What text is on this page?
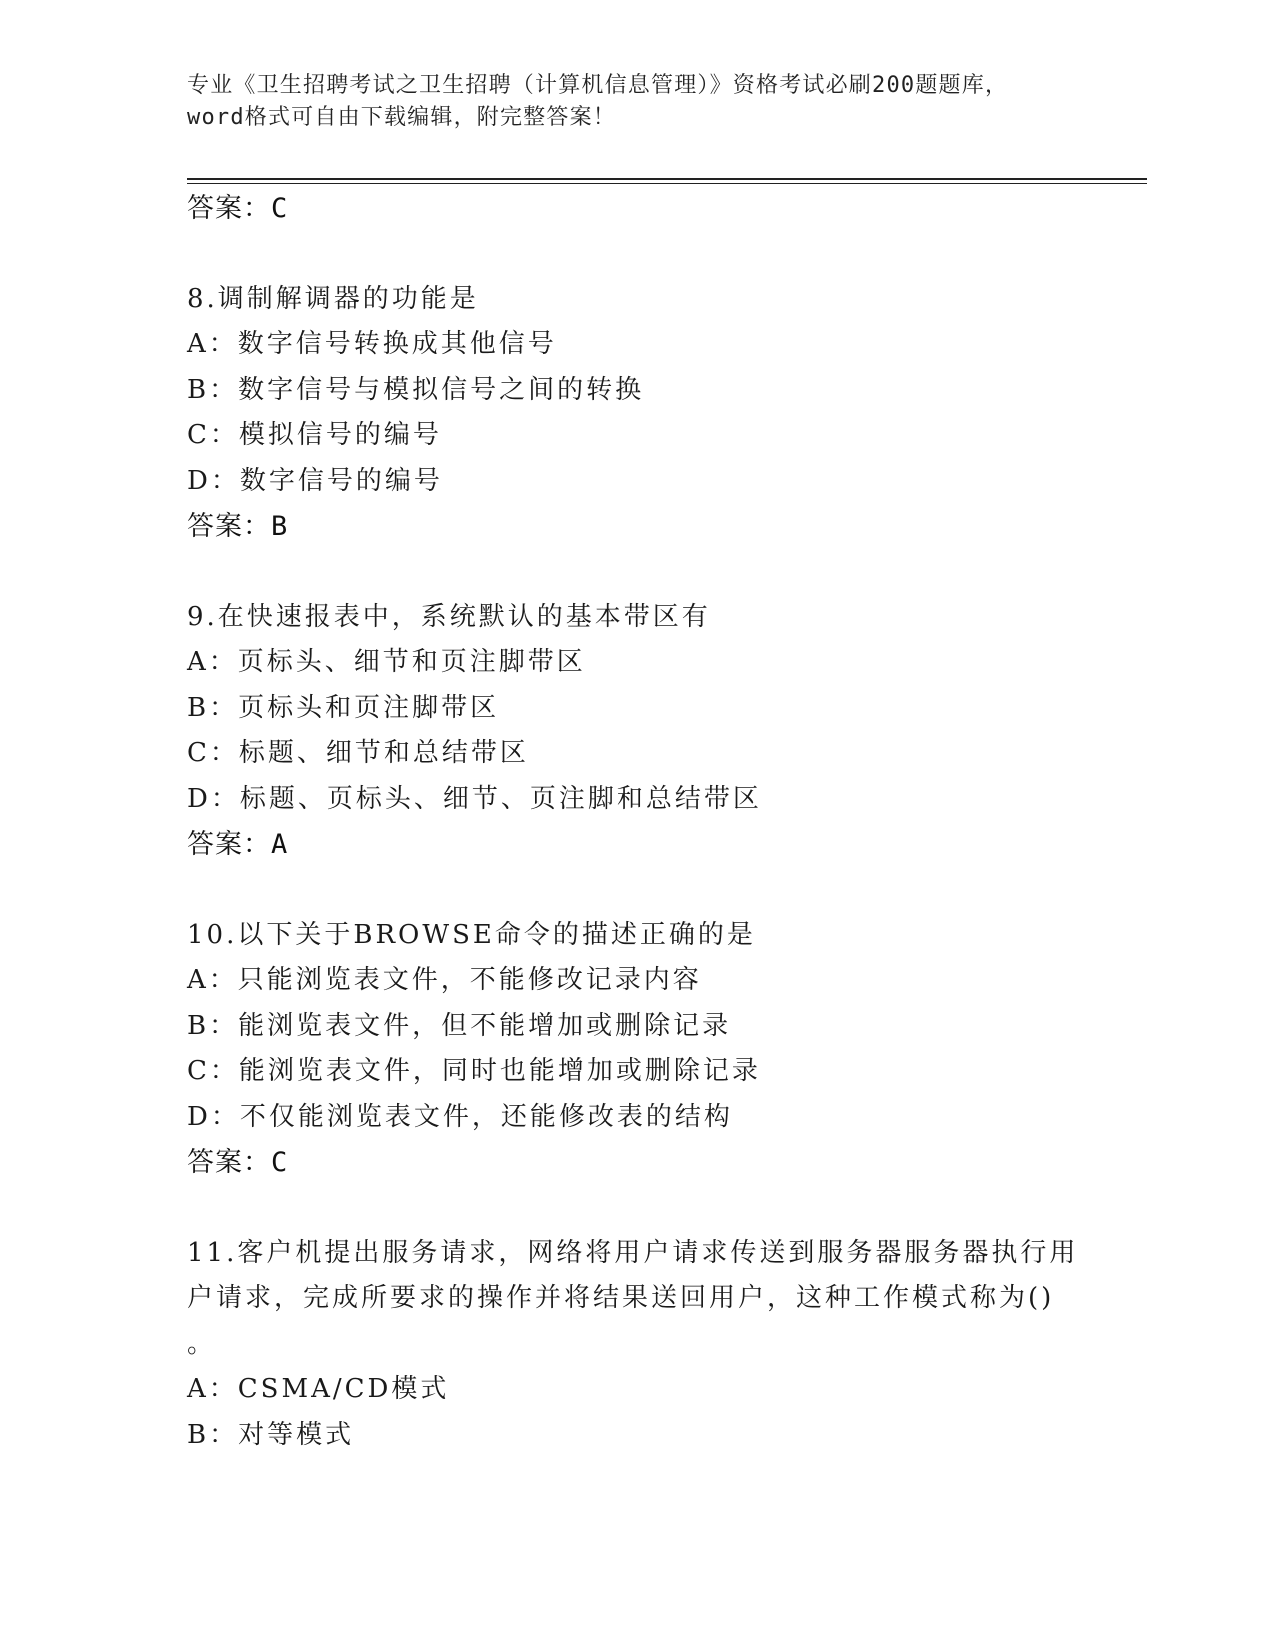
专业《卫生招聘考试之卫生招聘（计算机信息管理）》资格考试必刷200题题库，
word格式可自由下载编辑，附完整答案！
答案：C
8.调制解调器的功能是
A：数字信号转换成其他信号
B：数字信号与模拟信号之间的转换
C：模拟信号的编号
D：数字信号的编号
答案：B
9.在快速报表中，系统默认的基本带区有
A：页标头、细节和页注脚带区
B：页标头和页注脚带区
C：标题、细节和总结带区
D：标题、页标头、细节、页注脚和总结带区
答案：A
10.以下关于BROWSE命令的描述正确的是
A：只能浏览表文件，不能修改记录内容
B：能浏览表文件，但不能增加或删除记录
C：能浏览表文件，同时也能增加或删除记录
D：不仅能浏览表文件，还能修改表的结构
答案：C
11.客户机提出服务请求，网络将用户请求传送到服务器服务器执行用
户请求，完成所要求的操作并将结果送回用户，这种工作模式称为()
。
A：CSMA/CD模式
B：对等模式
